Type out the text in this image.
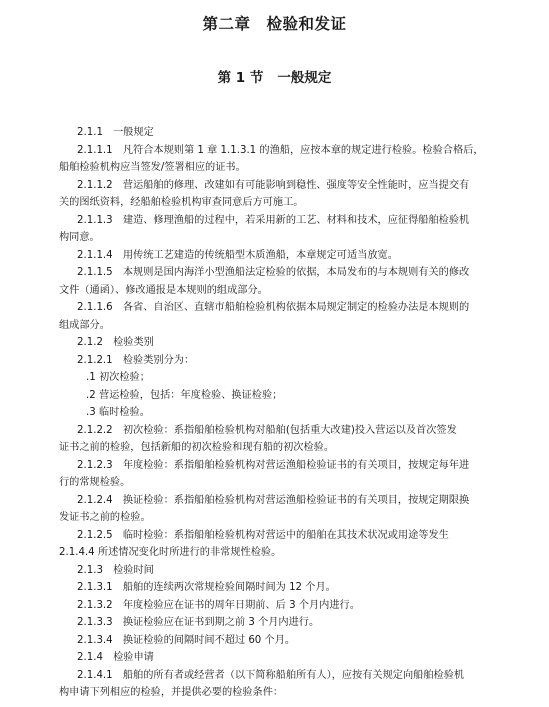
第二章 检验和发证
第 1 节 一般规定
2.1.1　一般规定
2.1.1.1　凡符合本规则第 1 章 1.1.3.1 的渔船，应按本章的规定进行检验。检验合格后，
船舶检验机构应当签发/签署相应的证书。
2.1.1.2　营运船舶的修理、改建如有可能影响到稳性、强度等安全性能时，应当提交有
关的图纸资料，经船舶检验机构审查同意后方可施工。
2.1.1.3　建造、修理渔船的过程中，若采用新的工艺、材料和技术，应征得船舶检验机
构同意。
2.1.1.4　用传统工艺建造的传统船型木质渔船，本章规定可适当放宽。
2.1.1.5　本规则是国内海洋小型渔船法定检验的依据，本局发布的与本规则有关的修改
文件（通函）、修改通报是本规则的组成部分。
2.1.1.6　各省、自治区、直辖市船舶检验机构依据本局规定制定的检验办法是本规则的
组成部分。
2.1.2　检验类别
2.1.2.1　检验类别分为：
.1 初次检验；
.2 营运检验，包括：年度检验、换证检验；
.3 临时检验。
2.1.2.2　初次检验：系指船舶检验机构对船舶(包括重大改建)投入营运以及首次签发
证书之前的检验，包括新船的初次检验和现有船的初次检验。
2.1.2.3　年度检验：系指船舶检验机构对营运渔船检验证书的有关项目，按规定每年进
行的常规检验。
2.1.2.4　换证检验：系指船舶检验机构对营运渔船检验证书的有关项目，按规定期限换
发证书之前的检验。
2.1.2.5　临时检验：系指船舶检验机构对营运中的船舶在其技术状况或用途等发生
2.1.4.4 所述情况变化时所进行的非常规性检验。
2.1.3　检验时间
2.1.3.1　船舶的连续两次常规检验间隔时间为 12 个月。
2.1.3.2　年度检验应在证书的周年日期前、后 3 个月内进行。
2.1.3.3　换证检验应在证书到期之前 3 个月内进行。
2.1.3.4　换证检验的间隔时间不超过 60 个月。
2.1.4　检验申请
2.1.4.1　船舶的所有者或经营者（以下简称船舶所有人），应按有关规定向船舶检验机
构申请下列相应的检验，并提供必要的检验条件：
